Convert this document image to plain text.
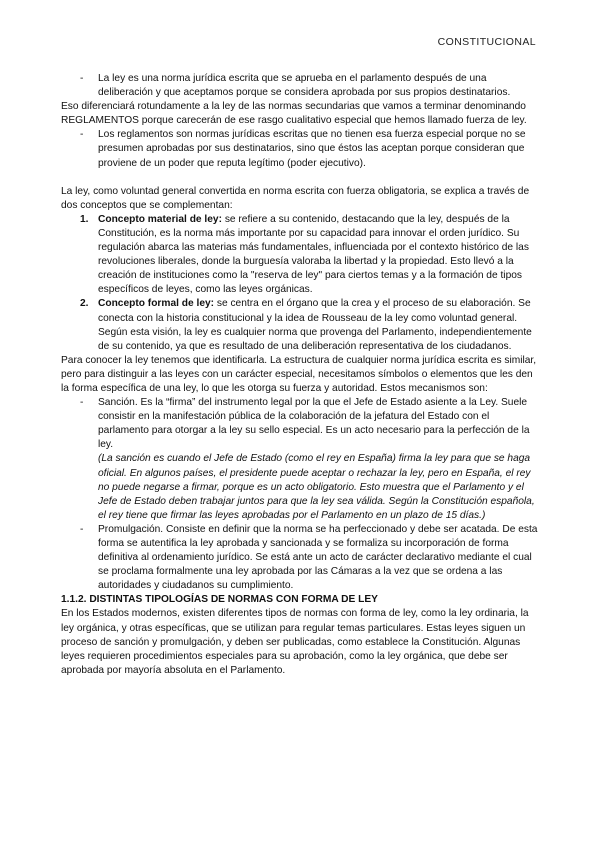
CONSTITUCIONAL
- La ley es una norma jurídica escrita que se aprueba en el parlamento después de una deliberación y que aceptamos porque se considera aprobada por sus propios destinatarios.

Eso diferenciará rotundamente a la ley de las normas secundarias que vamos a terminar denominando REGLAMENTOS porque carecerán de ese rasgo cualitativo especial que hemos llamado fuerza de ley.

- Los reglamentos son normas jurídicas escritas que no tienen esa fuerza especial porque no se presumen aprobadas por sus destinatarios, sino que éstos las aceptan porque consideran que proviene de un poder que reputa legítimo (poder ejecutivo).

La ley, como voluntad general convertida en norma escrita con fuerza obligatoria, se explica a través de dos conceptos que se complementan:

1. Concepto material de ley: se refiere a su contenido, destacando que la ley, después de la Constitución, es la norma más importante por su capacidad para innovar el orden jurídico. Su regulación abarca las materias más fundamentales, influenciada por el contexto histórico de las revoluciones liberales, donde la burguesía valoraba la libertad y la propiedad. Esto llevó a la creación de instituciones como la "reserva de ley" para ciertos temas y a la formación de tipos específicos de leyes, como las leyes orgánicas.

2. Concepto formal de ley: se centra en el órgano que la crea y el proceso de su elaboración. Se conecta con la historia constitucional y la idea de Rousseau de la ley como voluntad general. Según esta visión, la ley es cualquier norma que provenga del Parlamento, independientemente de su contenido, ya que es resultado de una deliberación representativa de los ciudadanos.

Para conocer la ley tenemos que identificarla. La estructura de cualquier norma jurídica escrita es similar, pero para distinguir a las leyes con un carácter especial, necesitamos símbolos o elementos que les den la forma específica de una ley, lo que les otorga su fuerza y autoridad. Estos mecanismos son:

- Sanción. Es la “firma” del instrumento legal por la que el Jefe de Estado asiente a la Ley. Suele consistir en la manifestación pública de la colaboración de la jefatura del Estado con el parlamento para otorgar a la ley su sello especial. Es un acto necesario para la perfección de la ley.

(La sanción es cuando el Jefe de Estado (como el rey en España) firma la ley para que se haga oficial. En algunos países, el presidente puede aceptar o rechazar la ley, pero en España, el rey no puede negarse a firmar, porque es un acto obligatorio. Esto muestra que el Parlamento y el Jefe de Estado deben trabajar juntos para que la ley sea válida. Según la Constitución española, el rey tiene que firmar las leyes aprobadas por el Parlamento en un plazo de 15 días.)

- Promulgación. Consiste en definir que la norma se ha perfeccionado y debe ser acatada. De esta forma se autentifica la ley aprobada y sancionada y se formaliza su incorporación de forma definitiva al ordenamiento jurídico. Se está ante un acto de carácter declarativo mediante el cual se proclama formalmente una ley aprobada por las Cámaras a la vez que se ordena a las autoridades y ciudadanos su cumplimiento.

1.1.2. DISTINTAS TIPOLOGÍAS DE NORMAS CON FORMA DE LEY

En los Estados modernos, existen diferentes tipos de normas con forma de ley, como la ley ordinaria, la ley orgánica, y otras específicas, que se utilizan para regular temas particulares. Estas leyes siguen un proceso de sanción y promulgación, y deben ser publicadas, como establece la Constitución. Algunas leyes requieren procedimientos especiales para su aprobación, como la ley orgánica, que debe ser aprobada por mayoría absoluta en el Parlamento.
